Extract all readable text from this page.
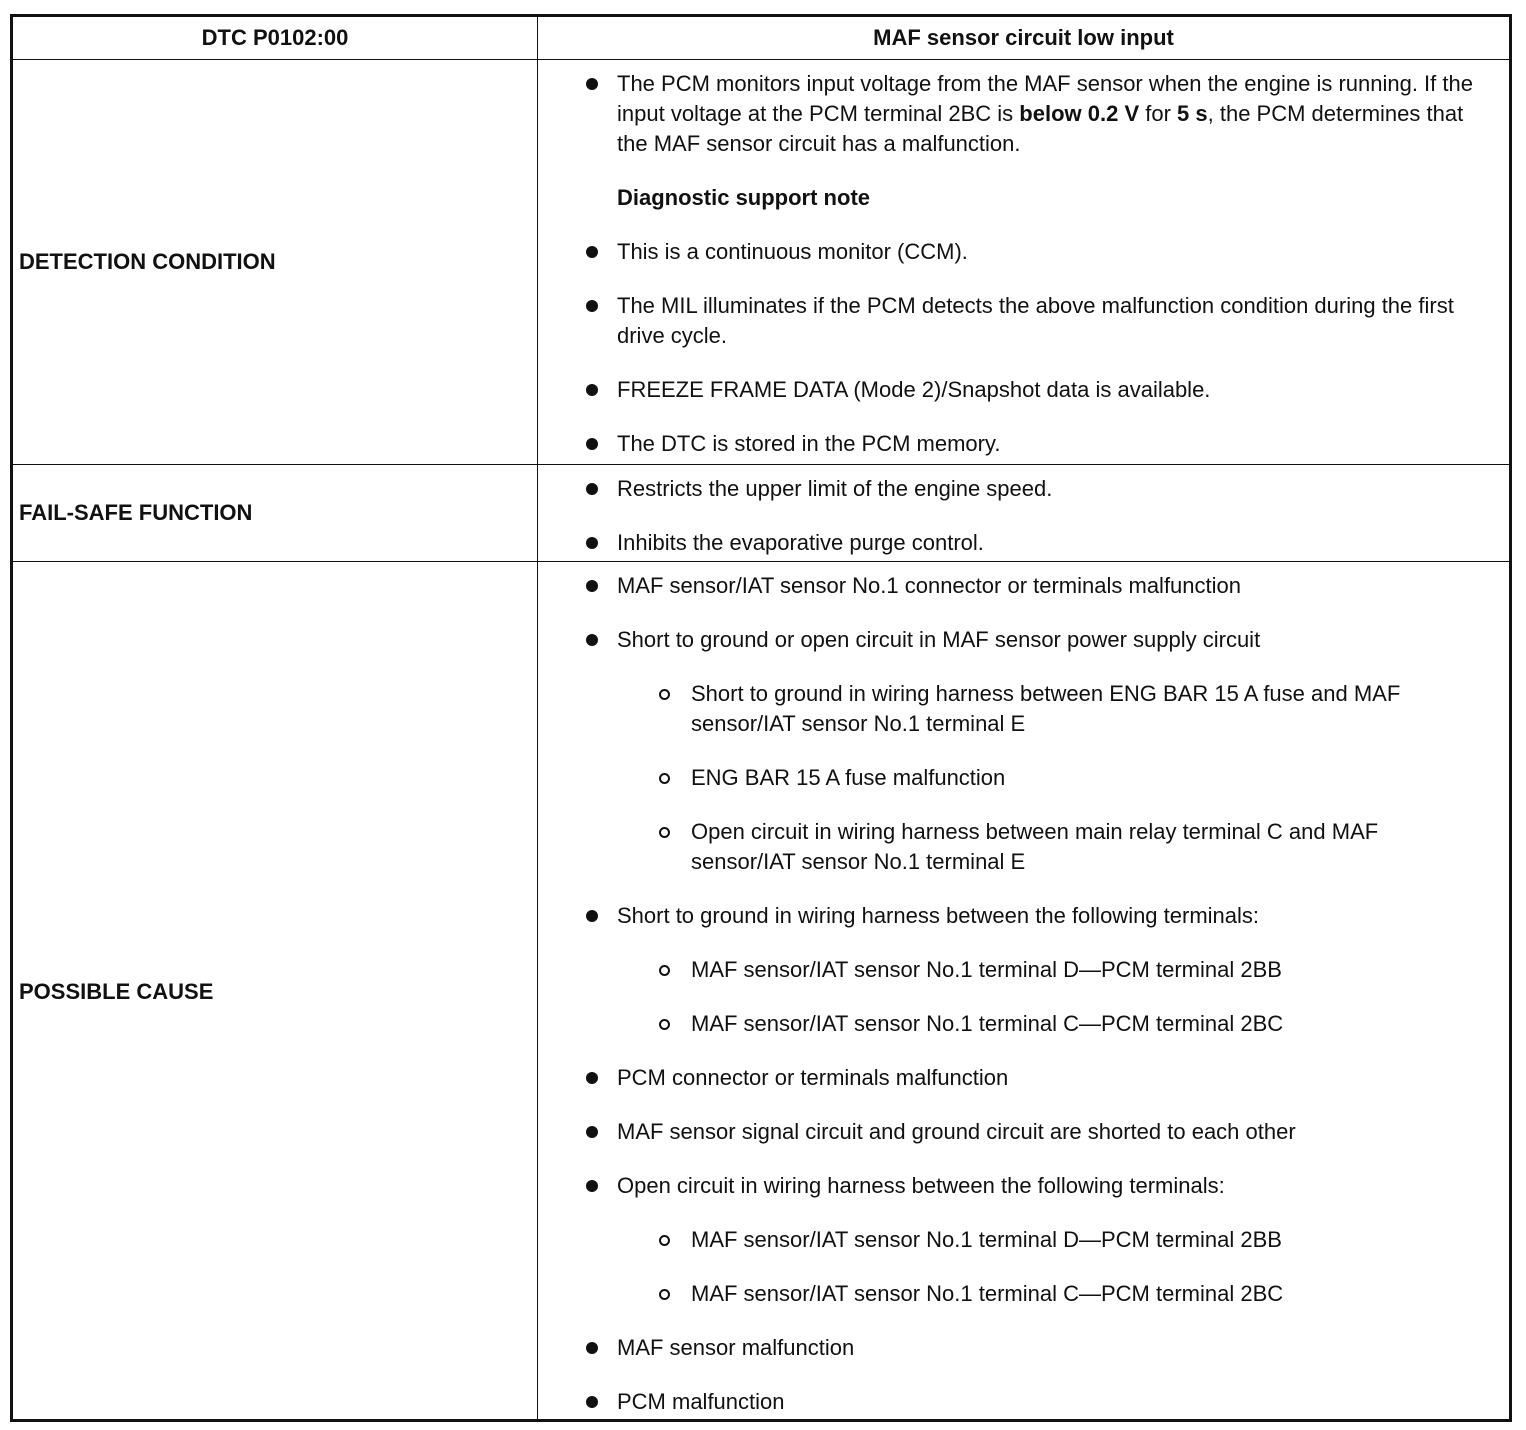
DTC P0102:00	MAF sensor circuit low input
DETECTION CONDITION
The PCM monitors input voltage from the MAF sensor when the engine is running. If the input voltage at the PCM terminal 2BC is below 0.2 V for 5 s, the PCM determines that the MAF sensor circuit has a malfunction.
Diagnostic support note
This is a continuous monitor (CCM).
The MIL illuminates if the PCM detects the above malfunction condition during the first drive cycle.
FREEZE FRAME DATA (Mode 2)/Snapshot data is available.
The DTC is stored in the PCM memory.
FAIL-SAFE FUNCTION
Restricts the upper limit of the engine speed.
Inhibits the evaporative purge control.
POSSIBLE CAUSE
MAF sensor/IAT sensor No.1 connector or terminals malfunction
Short to ground or open circuit in MAF sensor power supply circuit
Short to ground in wiring harness between ENG BAR 15 A fuse and MAF sensor/IAT sensor No.1 terminal E
ENG BAR 15 A fuse malfunction
Open circuit in wiring harness between main relay terminal C and MAF sensor/IAT sensor No.1 terminal E
Short to ground in wiring harness between the following terminals:
MAF sensor/IAT sensor No.1 terminal D—PCM terminal 2BB
MAF sensor/IAT sensor No.1 terminal C—PCM terminal 2BC
PCM connector or terminals malfunction
MAF sensor signal circuit and ground circuit are shorted to each other
Open circuit in wiring harness between the following terminals:
MAF sensor/IAT sensor No.1 terminal D—PCM terminal 2BB
MAF sensor/IAT sensor No.1 terminal C—PCM terminal 2BC
MAF sensor malfunction
PCM malfunction
